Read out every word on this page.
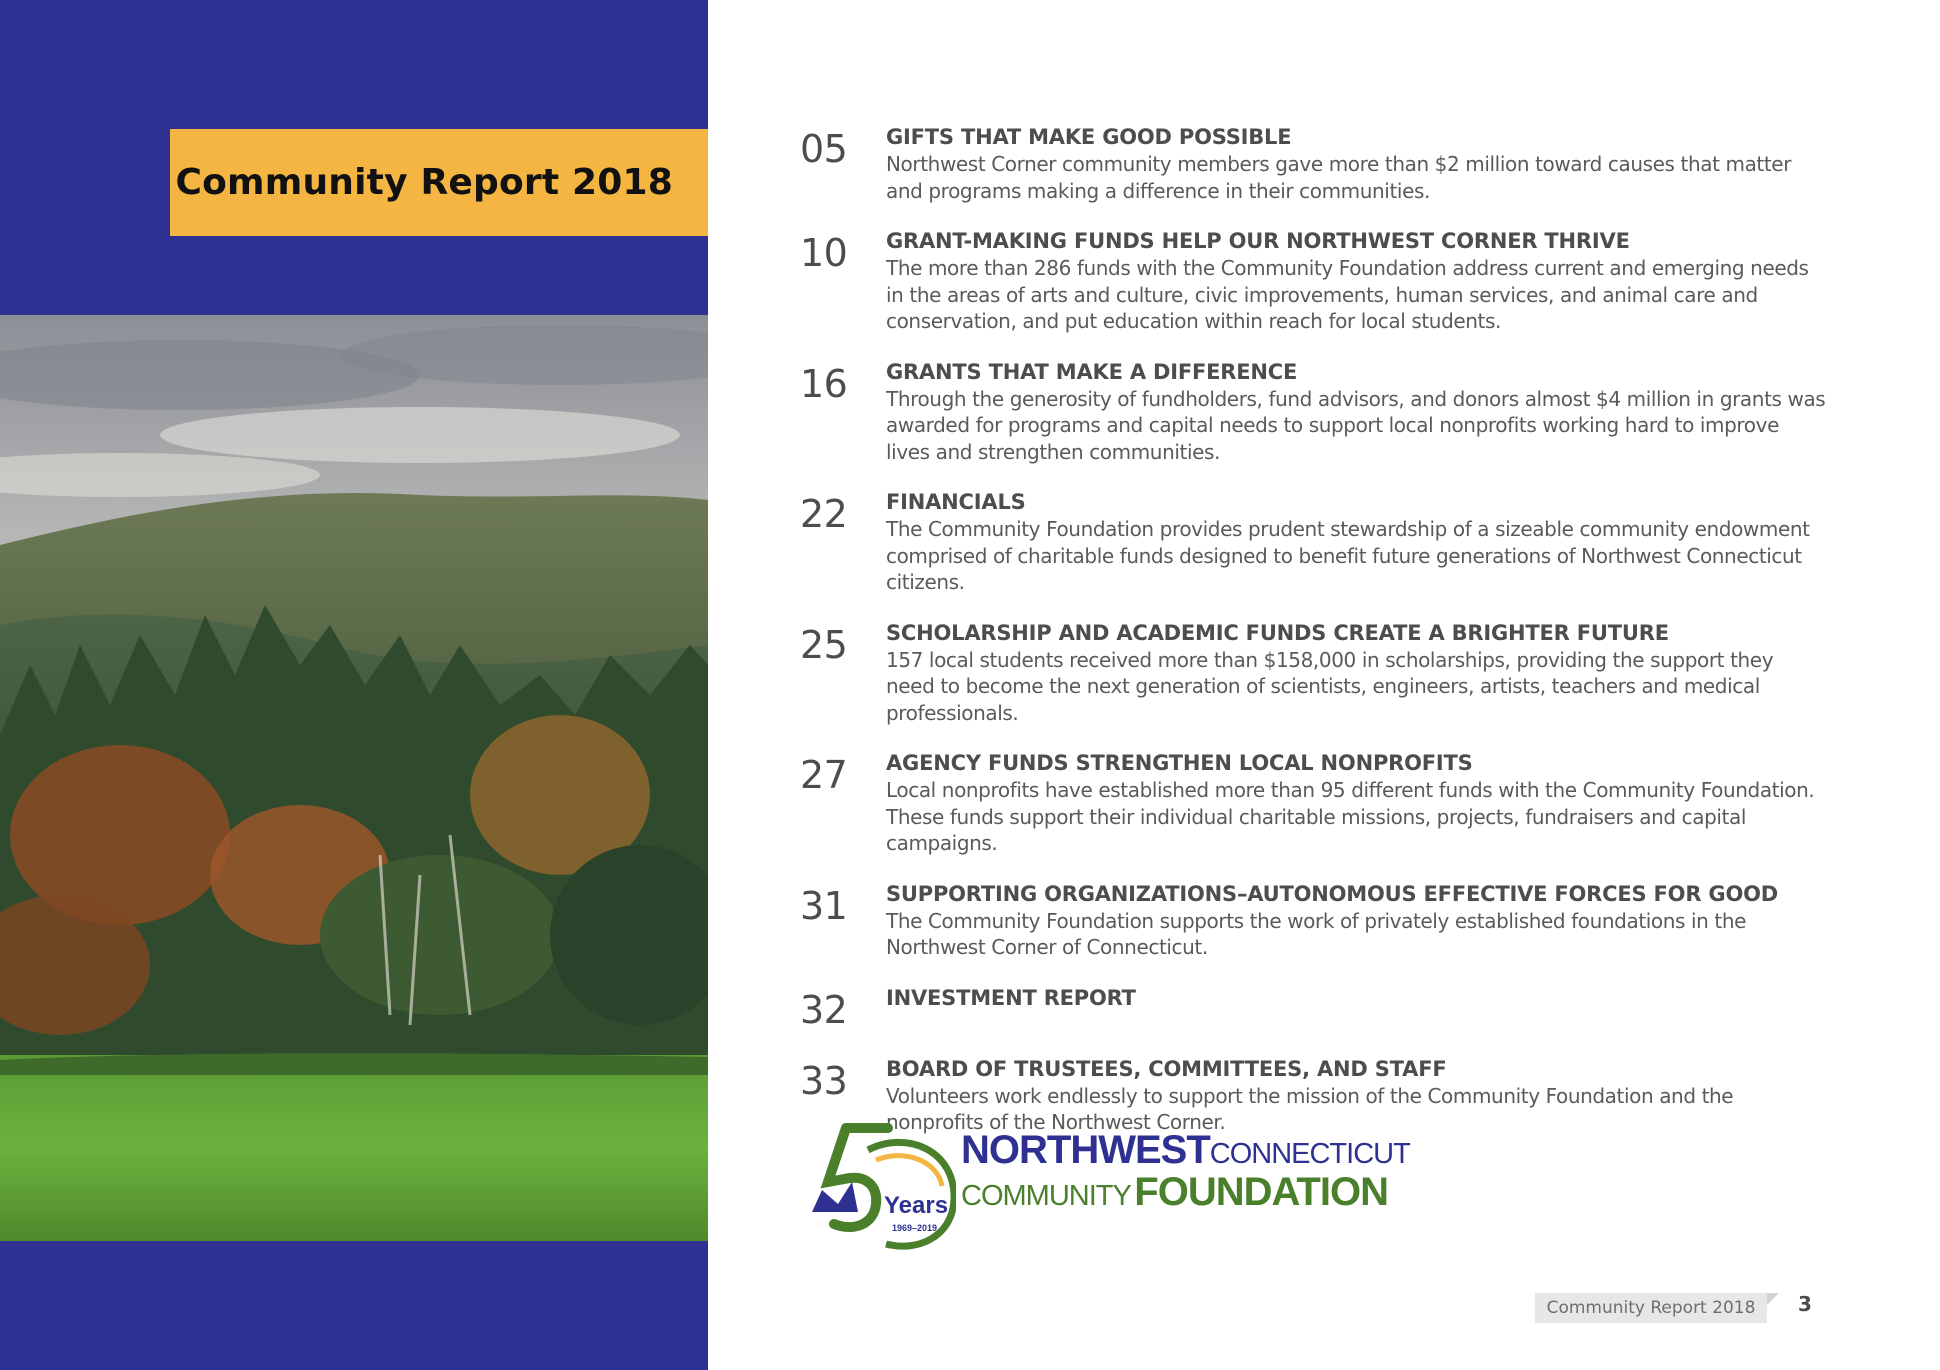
Community Report 2018
05	GIFTS THAT MAKE GOOD POSSIBLE
Northwest Corner community members gave more than $2 million toward causes that matter and programs making a difference in their communities.
10	GRANT-MAKING FUNDS HELP OUR NORTHWEST CORNER THRIVE
The more than 286 funds with the Community Foundation address current and emerging needs in the areas of arts and culture, civic improvements, human services, and animal care and conservation, and put education within reach for local students.
16	GRANTS THAT MAKE A DIFFERENCE
Through the generosity of fundholders, fund advisors, and donors almost $4 million in grants was awarded for programs and capital needs to support local nonprofits working hard to improve lives and strengthen communities.
22	FINANCIALS
The Community Foundation provides prudent stewardship of a sizeable community endowment comprised of charitable funds designed to benefit future generations of Northwest Connecticut citizens.
25	SCHOLARSHIP AND ACADEMIC FUNDS CREATE A BRIGHTER FUTURE
157 local students received more than $158,000 in scholarships, providing the support they need to become the next generation of scientists, engineers, artists, teachers and medical professionals.
27	AGENCY FUNDS STRENGTHEN LOCAL NONPROFITS
Local nonprofits have established more than 95 different funds with the Community Foundation. These funds support their individual charitable missions, projects, fundraisers and capital campaigns.
31	SUPPORTING ORGANIZATIONS–AUTONOMOUS EFFECTIVE FORCES FOR GOOD
The Community Foundation supports the work of privately established foundations in the Northwest Corner of Connecticut.
32	INVESTMENT REPORT
33	BOARD OF TRUSTEES, COMMITTEES, AND STAFF
Volunteers work endlessly to support the mission of the Community Foundation and the nonprofits of the Northwest Corner.
Years
1969–2019
NORTHWESTCONNECTICUT
COMMUNITY FOUNDATION
Community Report 2018	3
